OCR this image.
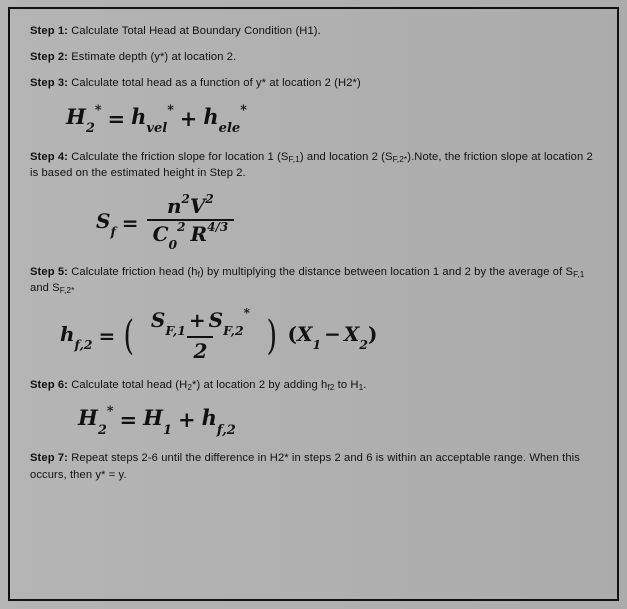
Step 1: Calculate Total Head at Boundary Condition (H1).

Step 2: Estimate depth (y*) at location 2.

Step 3: Calculate total head as a function of y* at location 2 (H2*)

$H_2^* = h_{vel}^* + h_{ele}^*$

Step 4: Calculate the friction slope for location 1 (SF,1) and location 2 (SF,2*).Note, the friction slope at location 2 is based on the estimated height in Step 2.

$S_f = \frac{n^2V^2}{C_0^2 R^{4/3}}$

Step 5: Calculate friction head (hf) by multiplying the distance between location 1 and 2 by the average of SF,1 and SF,2*

$h_{f,2}$ = ( $\frac{S_{F,1} + S_{F,2}^*}{2}$ ) $(X_1 - X_2)$

Step 6: Calculate total head (H2*) at location 2 by adding hf2 to H1.

$H_2^* = H_1 + h_{f,2}$

Step 7: Repeat steps 2-6 until the difference in H2* in steps 2 and 6 is within an acceptable range. When this occurs, then y* = y.
